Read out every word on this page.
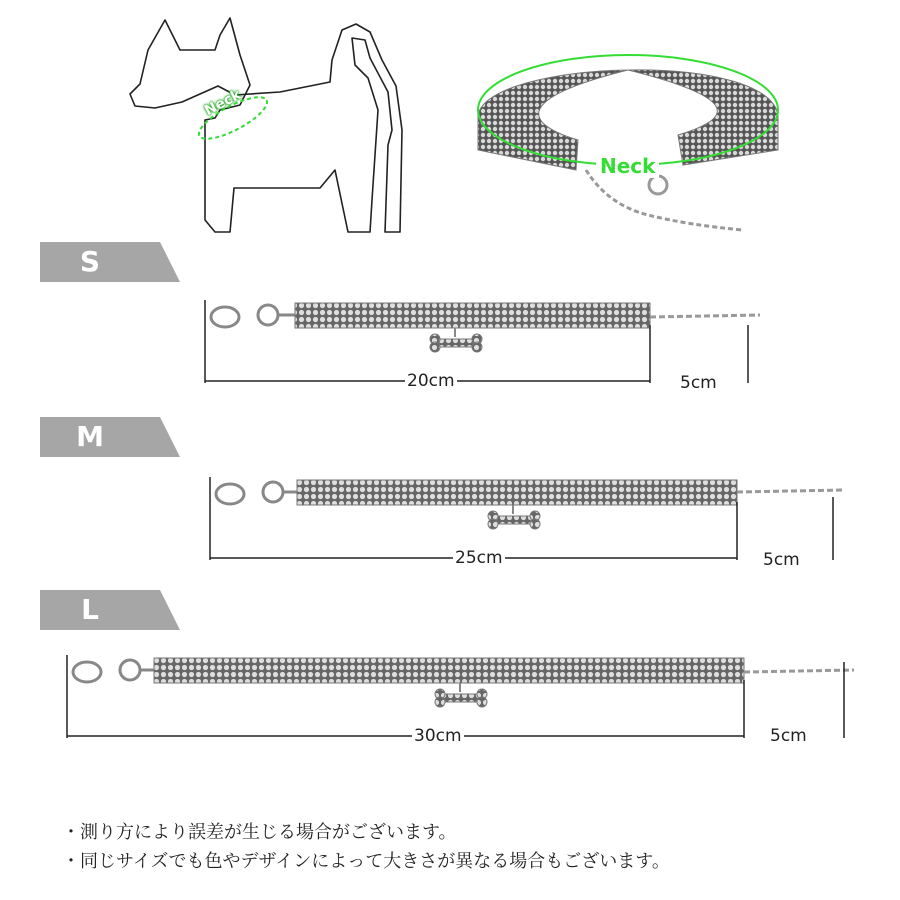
Neck
Neck
S
20cm	5cm
M
25cm	5cm
L
30cm	5cm
・測り方により誤差が生じる場合がございます。
・同じサイズでも色やデザインによって大きさが異なる場合もございます。
